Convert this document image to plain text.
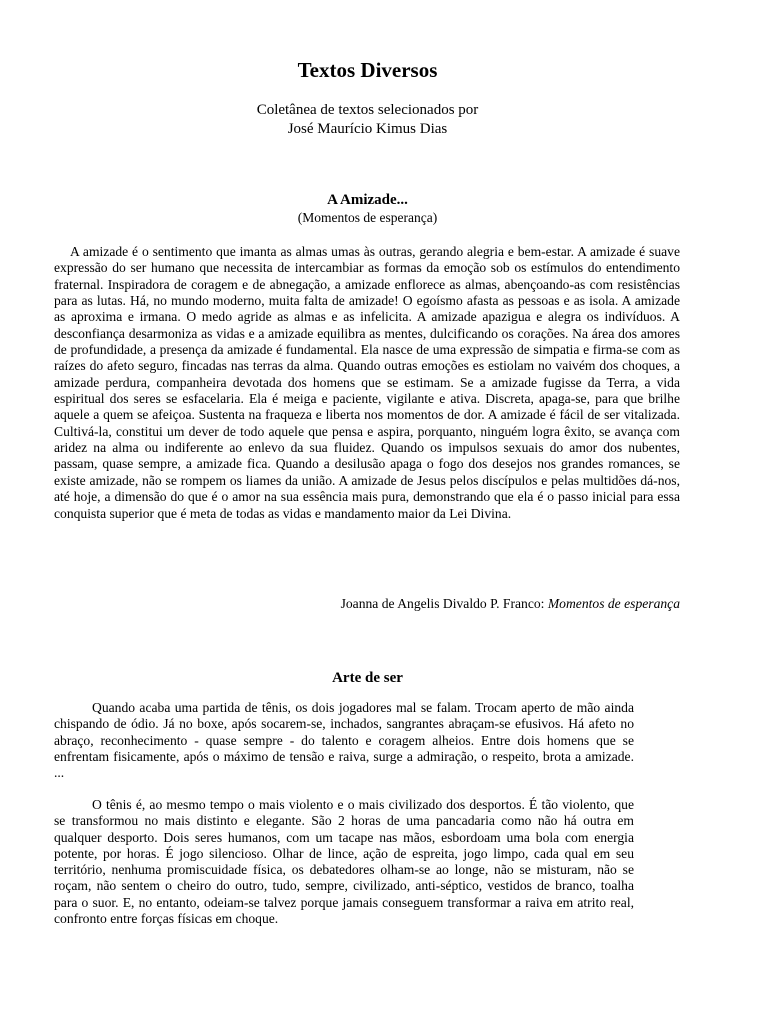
Textos Diversos
Coletânea de textos selecionados por
José Maurício Kimus Dias
A Amizade...
(Momentos de esperança)

A amizade é o sentimento que imanta as almas umas às outras, gerando alegria e bem-estar. A amizade é suave expressão do ser humano que necessita de intercambiar as formas da emoção sob os estímulos do entendimento fraternal. Inspiradora de coragem e de abnegação, a amizade enflorece as almas, abençoando-as com resistências para as lutas. Há, no mundo moderno, muita falta de amizade! O egoísmo afasta as pessoas e as isola. A amizade as aproxima e irmana. O medo agride as almas e as infelicita. A amizade apazigua e alegra os indivíduos. A desconfiança desarmoniza as vidas e a amizade equilibra as mentes, dulcificando os corações. Na área dos amores de profundidade, a presença da amizade é fundamental. Ela nasce de uma expressão de simpatia e firma-se com as raízes do afeto seguro, fincadas nas terras da alma. Quando outras emoções es estiolam no vaivém dos choques, a amizade perdura, companheira devotada dos homens que se estimam. Se a amizade fugisse da Terra, a vida espiritual dos seres se esfacelaria. Ela é meiga e paciente, vigilante e ativa. Discreta, apaga-se, para que brilhe aquele a quem se afeiçoa. Sustenta na fraqueza e liberta nos momentos de dor. A amizade é fácil de ser vitalizada. Cultivá-la, constitui um dever de todo aquele que pensa e aspira, porquanto, ninguém logra êxito, se avança com aridez na alma ou indiferente ao enlevo da sua fluidez. Quando os impulsos sexuais do amor dos nubentes, passam, quase sempre, a amizade fica. Quando a desilusão apaga o fogo dos desejos nos grandes romances, se existe amizade, não se rompem os liames da união. A amizade de Jesus pelos discípulos e pelas multidões dá-nos, até hoje, a dimensão do que é o amor na sua essência mais pura, demonstrando que ela é o passo inicial para essa conquista superior que é meta de todas as vidas e mandamento maior da Lei Divina.

Joanna de Angelis Divaldo P. Franco: Momentos de esperança
Arte de ser

Quando acaba uma partida de tênis, os dois jogadores mal se falam. Trocam aperto de mão ainda chispando de ódio. Já no boxe, após socarem-se, inchados, sangrantes abraçam-se efusivos. Há afeto no abraço, reconhecimento - quase sempre - do talento e coragem alheios. Entre dois homens que se enfrentam fisicamente, após o máximo de tensão e raiva, surge a admiração, o respeito, brota a amizade. ...

O tênis é, ao mesmo tempo o mais violento e o mais civilizado dos desportos. É tão violento, que se transformou no mais distinto e elegante. São 2 horas de uma pancadaria como não há outra em qualquer desporto. Dois seres humanos, com um tacape nas mãos, esbordoam uma bola com energia potente, por horas. É jogo silencioso. Olhar de lince, ação de espreita, jogo limpo, cada qual em seu território, nenhuma promiscuidade física, os debatedores olham-se ao longe, não se misturam, não se roçam, não sentem o cheiro do outro, tudo, sempre, civilizado, anti-séptico, vestidos de branco, toalha para o suor. E, no entanto, odeiam-se talvez porque jamais conseguem transformar a raiva em atrito real, confronto entre forças físicas em choque.
